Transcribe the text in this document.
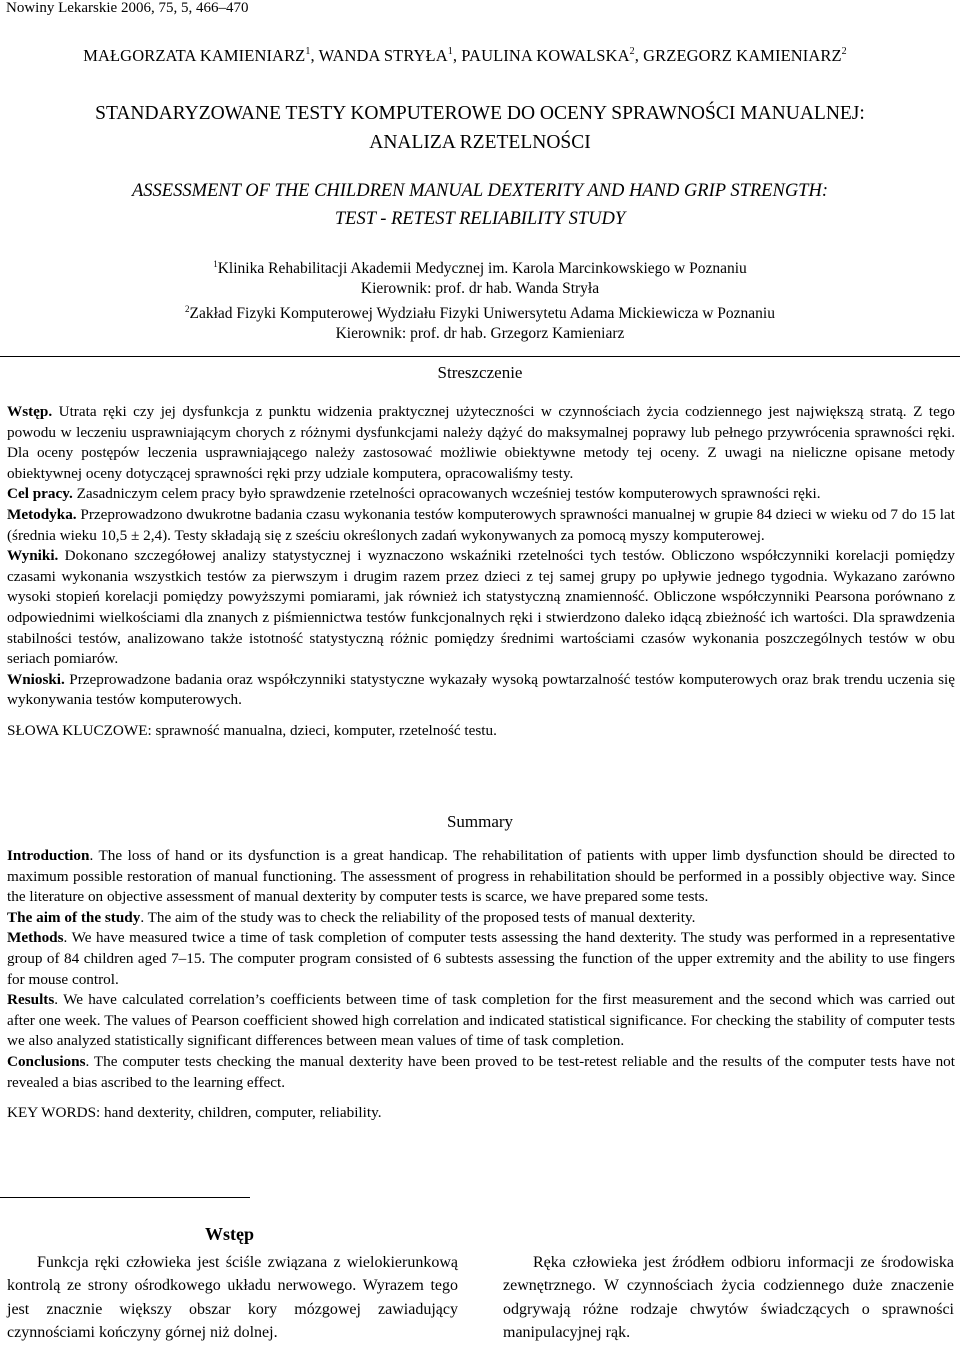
Nowiny Lekarskie 2006, 75, 5, 466–470
MAŁGORZATA KAMIENIARZ$^1$, WANDA STRYŁA$^1$, PAULINA KOWALSKA$^2$, GRZEGORZ KAMIENIARZ$^2$
STANDARYZOWANE TESTY KOMPUTEROWE DO OCENY SPRAWNOŚCI MANUALNEJ:
ANALIZA RZETELNOŚCI
ASSESSMENT OF THE CHILDREN MANUAL DEXTERITY AND HAND GRIP STRENGTH:
TEST - RETEST RELIABILITY STUDY
$^1$Klinika Rehabilitacji Akademii Medycznej im. Karola Marcinkowskiego w Poznaniu
Kierownik: prof. dr hab. Wanda Stryła
$^2$Zakład Fizyki Komputerowej Wydziału Fizyki Uniwersytetu Adama Mickiewicza w Poznaniu
Kierownik: prof. dr hab. Grzegorz Kamieniarz
Streszczenie

Wstęp. Utrata ręki czy jej dysfunkcja z punktu widzenia praktycznej użyteczności w czynnościach życia codziennego jest największą stratą. Z tego powodu w leczeniu usprawniającym chorych z różnymi dysfunkcjami należy dążyć do maksymalnej poprawy lub pełnego przywrócenia sprawności ręki. Dla oceny postępów leczenia usprawniającego należy zastosować możliwie obiektywne metody tej oceny. Z uwagi na nieliczne opisane metody obiektywnej oceny dotyczącej sprawności ręki przy udziale komputera, opracowaliśmy testy.

Cel pracy. Zasadniczym celem pracy było sprawdzenie rzetelności opracowanych wcześniej testów komputerowych sprawności ręki.

Metodyka. Przeprowadzono dwukrotne badania czasu wykonania testów komputerowych sprawności manualnej w grupie 84 dzieci w wieku od 7 do 15 lat (średnia wieku 10,5 ± 2,4). Testy składają się z sześciu określonych zadań wykonywanych za pomocą myszy komputerowej.

Wyniki. Dokonano szczegółowej analizy statystycznej i wyznaczono wskaźniki rzetelności tych testów. Obliczono współczynniki korelacji pomiędzy czasami wykonania wszystkich testów za pierwszym i drugim razem przez dzieci z tej samej grupy po upływie jednego tygodnia. Wykazano zarówno wysoki stopień korelacji pomiędzy powyższymi pomiarami, jak również ich statystyczną znamienność. Obliczone współczynniki Pearsona porównano z odpowiednimi wielkościami dla znanych z piśmiennictwa testów funkcjonalnych ręki i stwierdzono daleko idącą zbieżność ich wartości. Dla sprawdzenia stabilności testów, analizowano także istotność statystyczną różnic pomiędzy średnimi wartościami czasów wykonania poszczególnych testów w obu seriach pomiarów.

Wnioski. Przeprowadzone badania oraz współczynniki statystyczne wykazały wysoką powtarzalność testów komputerowych oraz brak trendu uczenia się wykonywania testów komputerowych.

SŁOWA KLUCZOWE: sprawność manualna, dzieci, komputer, rzetelność testu.

Summary

Introduction. The loss of hand or its dysfunction is a great handicap. The rehabilitation of patients with upper limb dysfunction should be directed to maximum possible restoration of manual functioning. The assessment of progress in rehabilitation should be performed in a possibly objective way. Since the literature on objective assessment of manual dexterity by computer tests is scarce, we have prepared some tests.

The aim of the study. The aim of the study was to check the reliability of the proposed tests of manual dexterity.

Methods. We have measured twice a time of task completion of computer tests assessing the hand dexterity. The study was performed in a representative group of 84 children aged 7–15. The computer program consisted of 6 subtests assessing the function of the upper extremity and the ability to use fingers for mouse control.

Results. We have calculated correlation’s coefficients between time of task completion for the first measurement and the second which was carried out after one week. The values of Pearson coefficient showed high correlation and indicated statistical significance. For checking the stability of computer tests we also analyzed statistically significant differences between mean values of time of task completion.

Conclusions. The computer tests checking the manual dexterity have been proved to be test-retest reliable and the results of the computer tests have not revealed a bias ascribed to the learning effect.

KEY WORDS: hand dexterity, children, computer, reliability.

Wstęp

Funkcja ręki człowieka jest ściśle związana z wielokierunkową kontrolą ze strony ośrodkowego układu nerwowego. Wyrazem tego jest znacznie większy obszar kory mózgowej zawiadujący czynnościami kończyny górnej niż dolnej.

Ręka człowieka jest źródłem odbioru informacji ze środowiska zewnętrznego. W czynnościach życia codziennego duże znaczenie odgrywają różne rodzaje chwytów świadczących o sprawności manipulacyjnej rąk.
